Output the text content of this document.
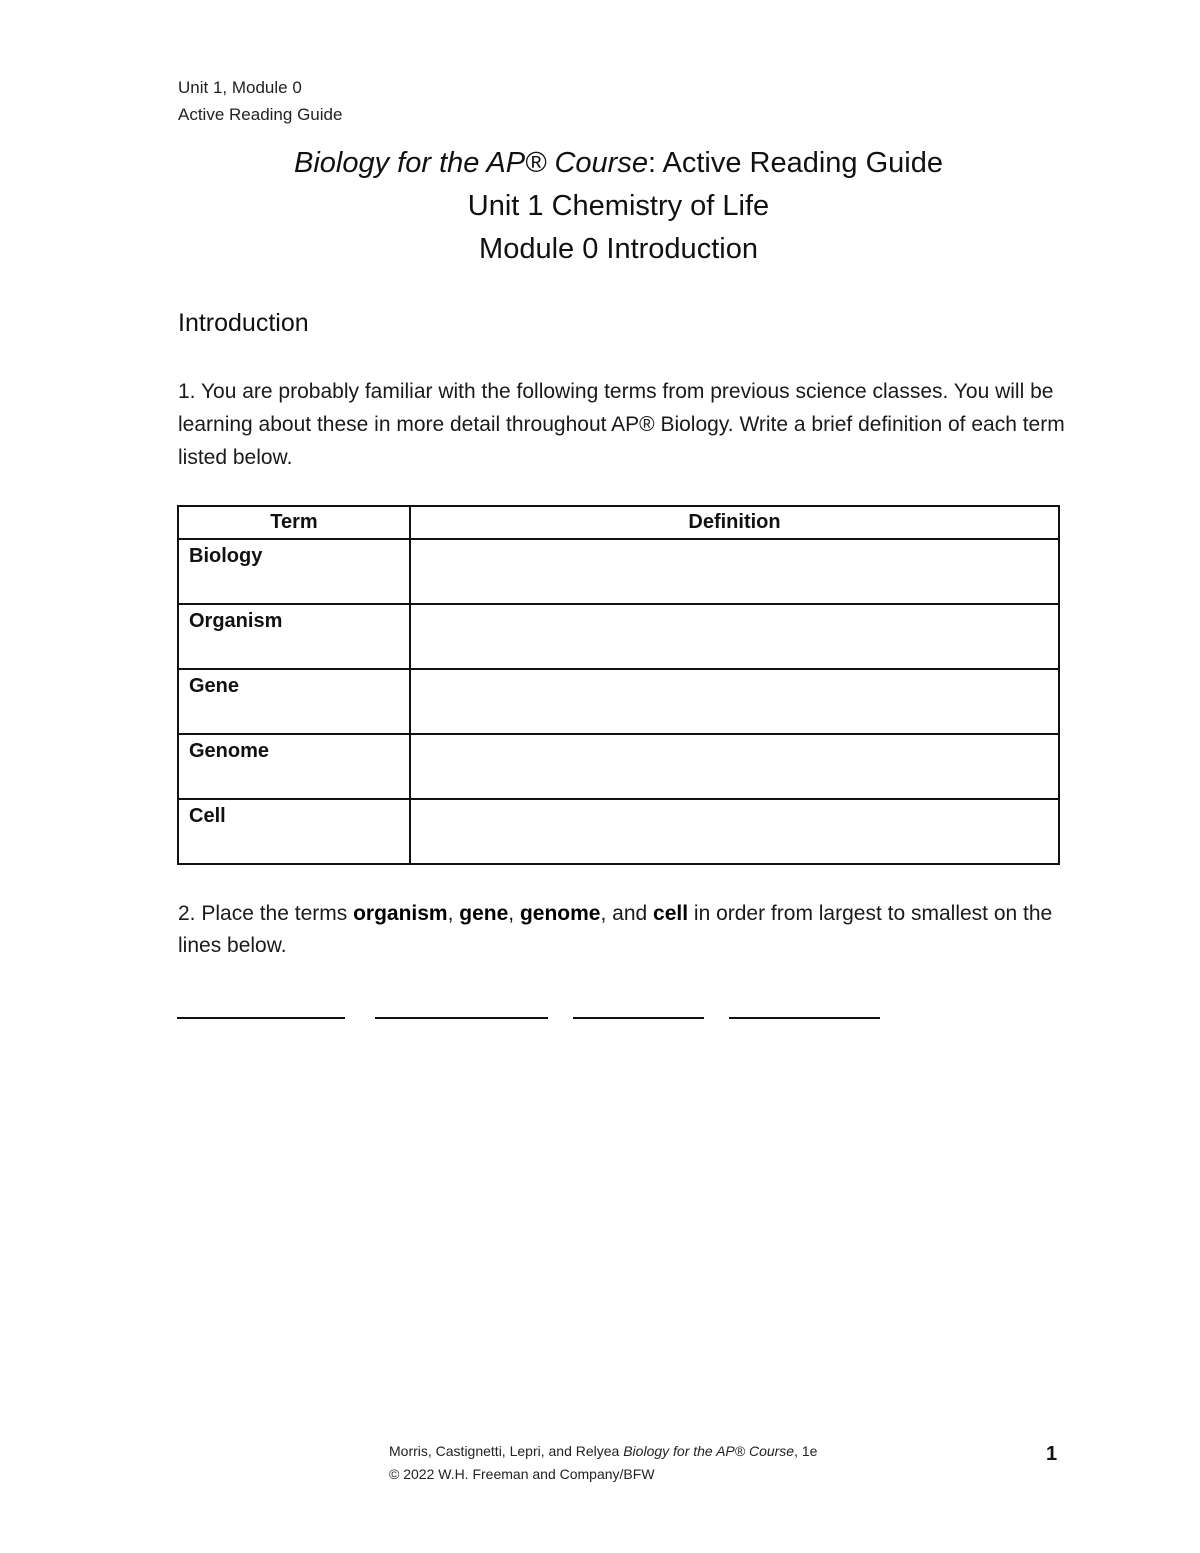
Unit 1, Module 0
Active Reading Guide
Biology for the AP® Course: Active Reading Guide
Unit 1 Chemistry of Life
Module 0 Introduction
Introduction
1. You are probably familiar with the following terms from previous science classes. You will be learning about these in more detail throughout AP® Biology. Write a brief definition of each term listed below.
Term	Definition
Biology	
Organism	
Gene	
Genome	
Cell	
2. Place the terms organism, gene, genome, and cell in order from largest to smallest on the lines below.
Morris, Castignetti, Lepri, and Relyea Biology for the AP® Course, 1e
© 2022 W.H. Freeman and Company/BFW
1
